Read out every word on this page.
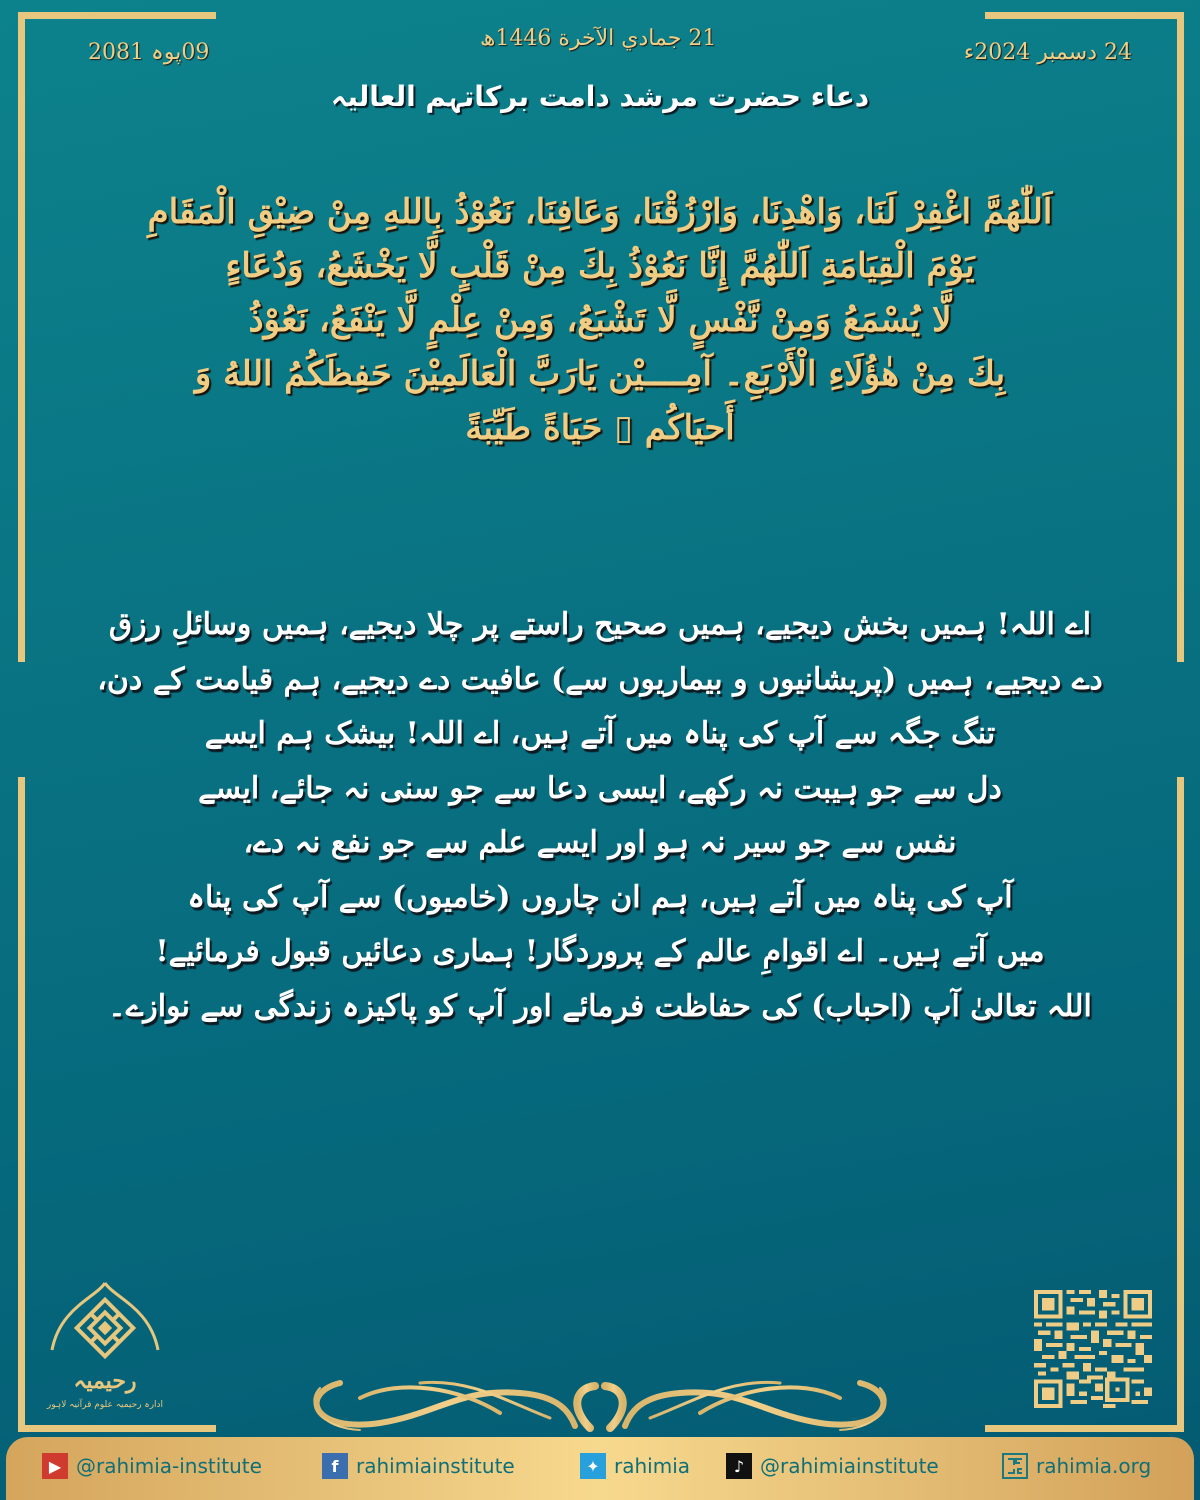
09پوہ 2081
21 جمادي الآخرة 1446ھ
24 دسمبر 2024ء
دعاء حضرت مرشد دامت برکاتہم العالیہ
اَللّٰهُمَّ اغْفِرْ لَنَا، وَاهْدِنَا، وَارْزُقْنَا، وَعَافِنَا، نَعُوْذُ بِاللهِ مِنْ ضِيْقِ الْمَقَامِ
يَوْمَ الْقِيَامَةِ اَللّٰهُمَّ إِنَّا نَعُوْذُ بِكَ مِنْ قَلْبٍ لَّا يَخْشَعُ، وَدُعَاءٍ
لَّا يُسْمَعُ وَمِنْ نَّفْسٍ لَّا تَشْبَعُ، وَمِنْ عِلْمٍ لَّا يَنْفَعُ، نَعُوْذُ
بِكَ مِنْ هٰؤُلَاءِ الْأَرْبَعِ۔ آمِــــيْن يَارَبَّ الْعَالَمِيْنَ حَفِظَكُمُ اللهُ وَ
أَحيَاكُم ▯ حَيَاةً طَيِّبَةً
اے اللہ! ہمیں بخش دیجیے، ہمیں صحیح راستے پر چلا دیجیے، ہمیں وسائلِ رزق
دے دیجیے، ہمیں (پریشانیوں و بیماریوں سے) عافیت دے دیجیے، ہم قیامت کے دن،
تنگ جگہ سے آپ کی پناہ میں آتے ہیں، اے اللہ! بیشک ہم ایسے
دل سے جو ہیبت نہ رکھے، ایسی دعا سے جو سنی نہ جائے، ایسے
نفس سے جو سیر نہ ہو اور ایسے علم سے جو نفع نہ دے،
آپ کی پناہ میں آتے ہیں، ہم ان چاروں (خامیوں) سے آپ کی پناہ
میں آتے ہیں۔ اے اقوامِ عالم کے پروردگار! ہماری دعائیں قبول فرمائیے!
اللہ تعالیٰ آپ (احباب) کی حفاظت فرمائے اور آپ کو پاکیزہ زندگی سے نوازے۔
رحیمیہ
ادارہ رحیمیہ علوم قرآنیہ لاہور
▶ @rahimia-institute	f rahimiainstitute	✦ rahimia	♪ @rahimiainstitute	rahimia.org
